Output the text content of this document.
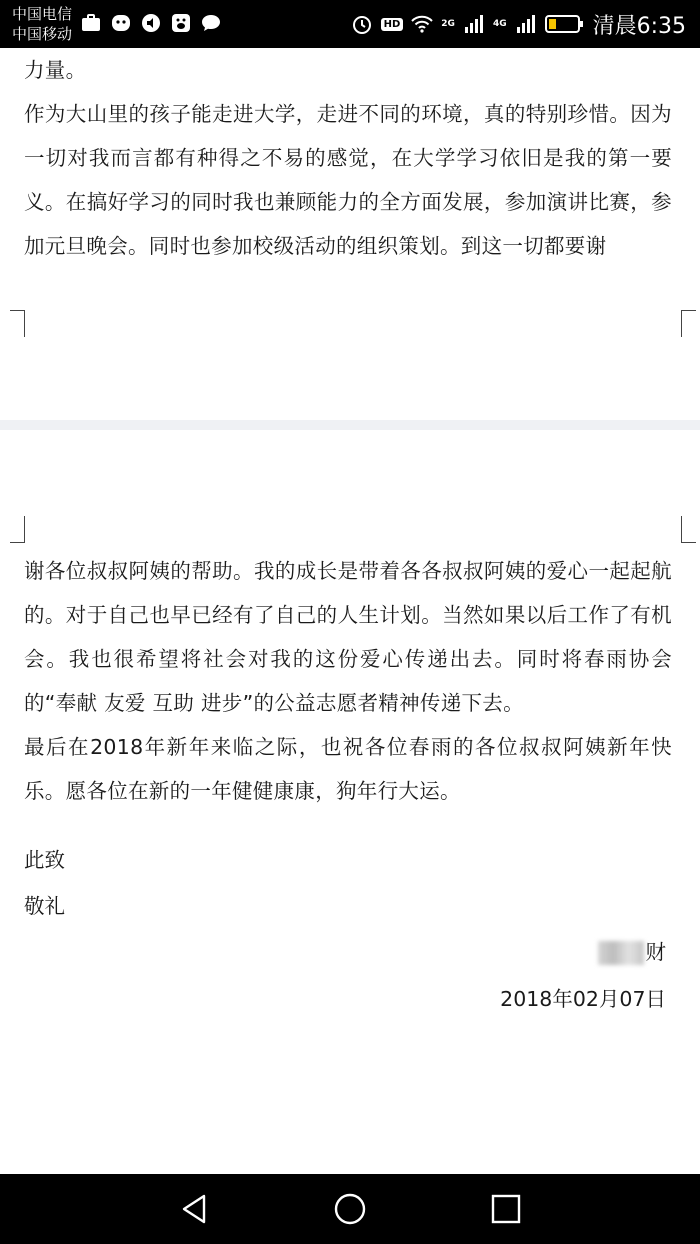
中国电信
中国移动
HD	2G	4G	清晨6:35
力量。
作为大山里的孩子能走进大学，走进不同的环境，真的特别珍惜。因为一切对我而言都有种得之不易的感觉，在大学学习依旧是我的第一要义。在搞好学习的同时我也兼顾能力的全方面发展，参加演讲比赛，参加元旦晚会。同时也参加校级活动的组织策划。到这一切都要谢
谢各位叔叔阿姨的帮助。我的成长是带着各各叔叔阿姨的爱心一起起航的。对于自己也早已经有了自己的人生计划。当然如果以后工作了有机会。我也很希望将社会对我的这份爱心传递出去。同时将春雨协会的“奉献 友爱 互助 进步”的公益志愿者精神传递下去。
最后在2018年新年来临之际，也祝各位春雨的各位叔叔阿姨新年快乐。愿各位在新的一年健健康康，狗年行大运。
此致
敬礼
财
2018年02月07日
